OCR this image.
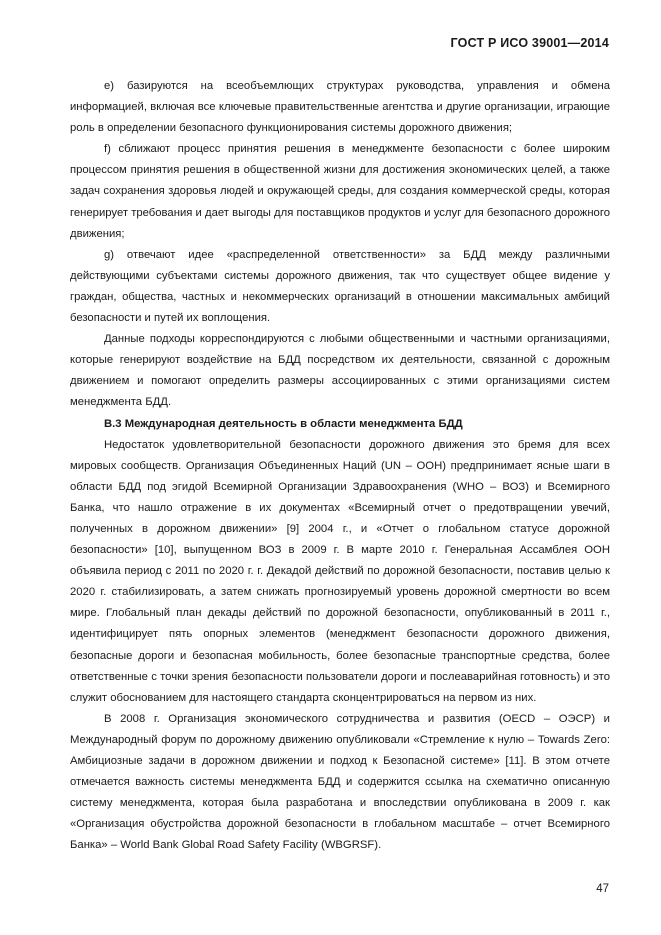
ГОСТ Р ИСО 39001—2014

e) базируются на всеобъемлющих структурах руководства, управления и обмена информацией, включая все ключевые правительственные агентства и другие организации, играющие роль в определении безопасного функционирования системы дорожного движения;

f) сближают процесс принятия решения в менеджменте безопасности с более широким процессом принятия решения в общественной жизни для достижения экономических целей, а также задач сохранения здоровья людей и окружающей среды, для создания коммерческой среды, которая генерирует требования и дает выгоды для поставщиков продуктов и услуг для безопасного дорожного движения;

g) отвечают идее «распределенной ответственности» за БДД между различными действующими субъектами системы дорожного движения, так что существует общее видение у граждан, общества, частных и некоммерческих организаций в отношении максимальных амбиций безопасности и путей их воплощения.

Данные подходы корреспондируются с любыми общественными и частными организациями, которые генерируют воздействие на БДД посредством их деятельности, связанной с дорожным движением и помогают определить размеры ассоциированных с этими организациями систем менеджмента БДД.

В.3 Международная деятельность в области менеджмента БДД

Недостаток удовлетворительной безопасности дорожного движения это бремя для всех мировых сообществ. Организация Объединенных Наций (UN – ООН) предпринимает ясные шаги в области БДД под эгидой Всемирной Организации Здравоохранения (WHO – ВОЗ) и Всемирного Банка, что нашло отражение в их документах «Всемирный отчет о предотвращении увечий, полученных в дорожном движении» [9] 2004 г., и «Отчет о глобальном статусе дорожной безопасности» [10], выпущенном ВОЗ в 2009 г. В марте 2010 г. Генеральная Ассамблея ООН объявила период с 2011 по 2020 г. г. Декадой действий по дорожной безопасности, поставив целью к 2020 г. стабилизировать, а затем снижать прогнозируемый уровень дорожной смертности во всем мире. Глобальный план декады действий по дорожной безопасности, опубликованный в 2011 г., идентифицирует пять опорных элементов (менеджмент безопасности дорожного движения, безопасные дороги и безопасная мобильность, более безопасные транспортные средства, более ответственные с точки зрения безопасности пользователи дороги и послеаварийная готовность) и это служит обоснованием для настоящего стандарта сконцентрироваться на первом из них.

В 2008 г. Организация экономического сотрудничества и развития (OECD – ОЭСР) и Международный форум по дорожному движению опубликовали «Стремление к нулю – Towards Zero: Амбициозные задачи в дорожном движении и подход к Безопасной системе» [11]. В этом отчете отмечается важность системы менеджмента БДД и содержится ссылка на схематично описанную систему менеджмента, которая была разработана и впоследствии опубликована в 2009 г. как «Организация обустройства дорожной безопасности в глобальном масштабе – отчет Всемирного Банка» – World Bank Global Road Safety Facility (WBGRSF).

47
